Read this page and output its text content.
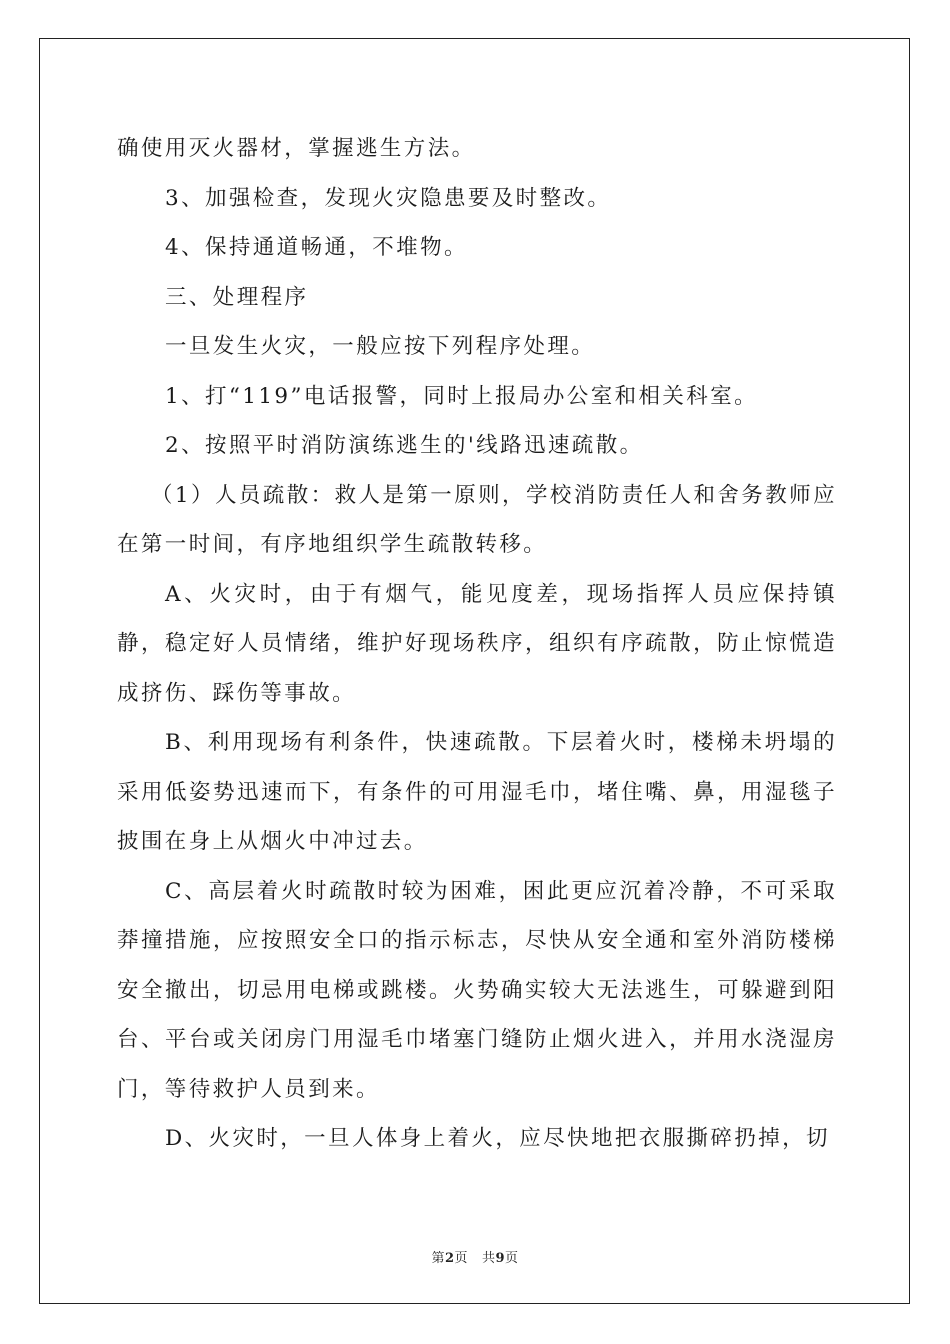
确使用灭火器材，掌握逃生方法。

3、加强检查，发现火灾隐患要及时整改。

4、保持通道畅通，不堆物。

三、处理程序

一旦发生火灾，一般应按下列程序处理。

1、打“119”电话报警，同时上报局办公室和相关科室。

2、按照平时消防演练逃生的'线路迅速疏散。

（1）人员疏散：救人是第一原则，学校消防责任人和舍务教师应在第一时间，有序地组织学生疏散转移。

A、火灾时，由于有烟气，能见度差，现场指挥人员应保持镇静，稳定好人员情绪，维护好现场秩序，组织有序疏散，防止惊慌造成挤伤、踩伤等事故。

B、利用现场有利条件，快速疏散。下层着火时，楼梯未坍塌的采用低姿势迅速而下，有条件的可用湿毛巾，堵住嘴、鼻，用湿毯子披围在身上从烟火中冲过去。

C、高层着火时疏散时较为困难，困此更应沉着冷静，不可采取莽撞措施，应按照安全口的指示标志，尽快从安全通和室外消防楼梯安全撤出，切忌用电梯或跳楼。火势确实较大无法逃生，可躲避到阳台、平台或关闭房门用湿毛巾堵塞门缝防止烟火进入，并用水浇湿房门，等待救护人员到来。

D、火灾时，一旦人体身上着火，应尽快地把衣服撕碎扔掉，切

第2页 共9页
